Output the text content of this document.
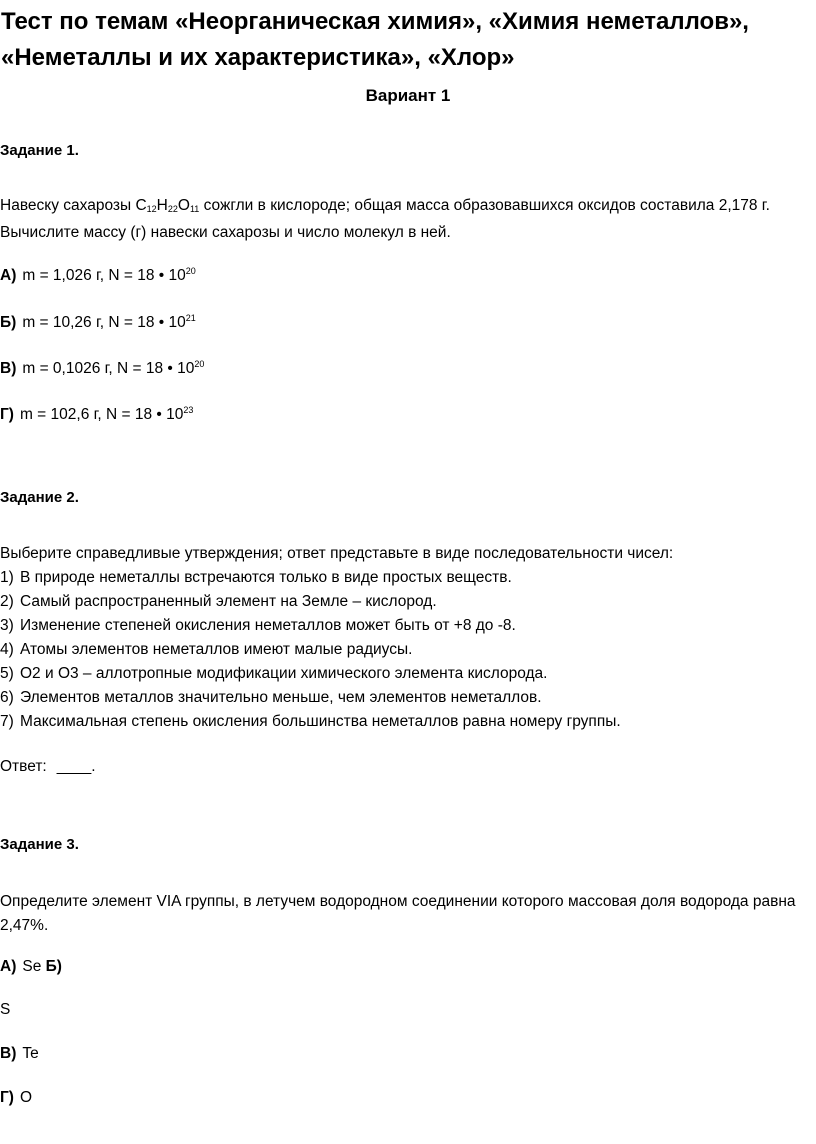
Тест по темам «Неорганическая химия», «Химия неметаллов», «Неметаллы и их характеристика», «Хлор»

Вариант 1

Задание 1.

Навеску сахарозы $C_{12}H_{22}O_{11}$ сожгли в кислороде; общая масса образовавшихся оксидов составила 2,178 г. Вычислите массу (г) навески сахарозы и число молекул в ней.

А) m = 1,026 г, N = 18 • $10^{20}$

Б) m = 10,26 г, N = 18 • $10^{21}$

В) m = 0,1026 г, N = 18 • $10^{20}$

Г) m = 102,6 г, N = 18 • $10^{23}$

Задание 2.

Выберите справедливые утверждения; ответ представьте в виде последовательности чисел:

1) В природе неметаллы встречаются только в виде простых веществ.
2) Самый распространенный элемент на Земле – кислород.
3) Изменение степеней окисления неметаллов может быть от +8 до -8.
4) Атомы элементов неметаллов имеют малые радиусы.
5) O2 и O3 – аллотропные модификации химического элемента кислорода.
6) Элементов металлов значительно меньше, чем элементов неметаллов.
7) Максимальная степень окисления большинства неметаллов равна номеру группы.

Ответ: ____.

Задание 3.

Определите элемент VIA группы, в летучем водородном соединении которого массовая доля водорода равна 2,47%.

А) Se Б)

S

В) Te

Г) O
